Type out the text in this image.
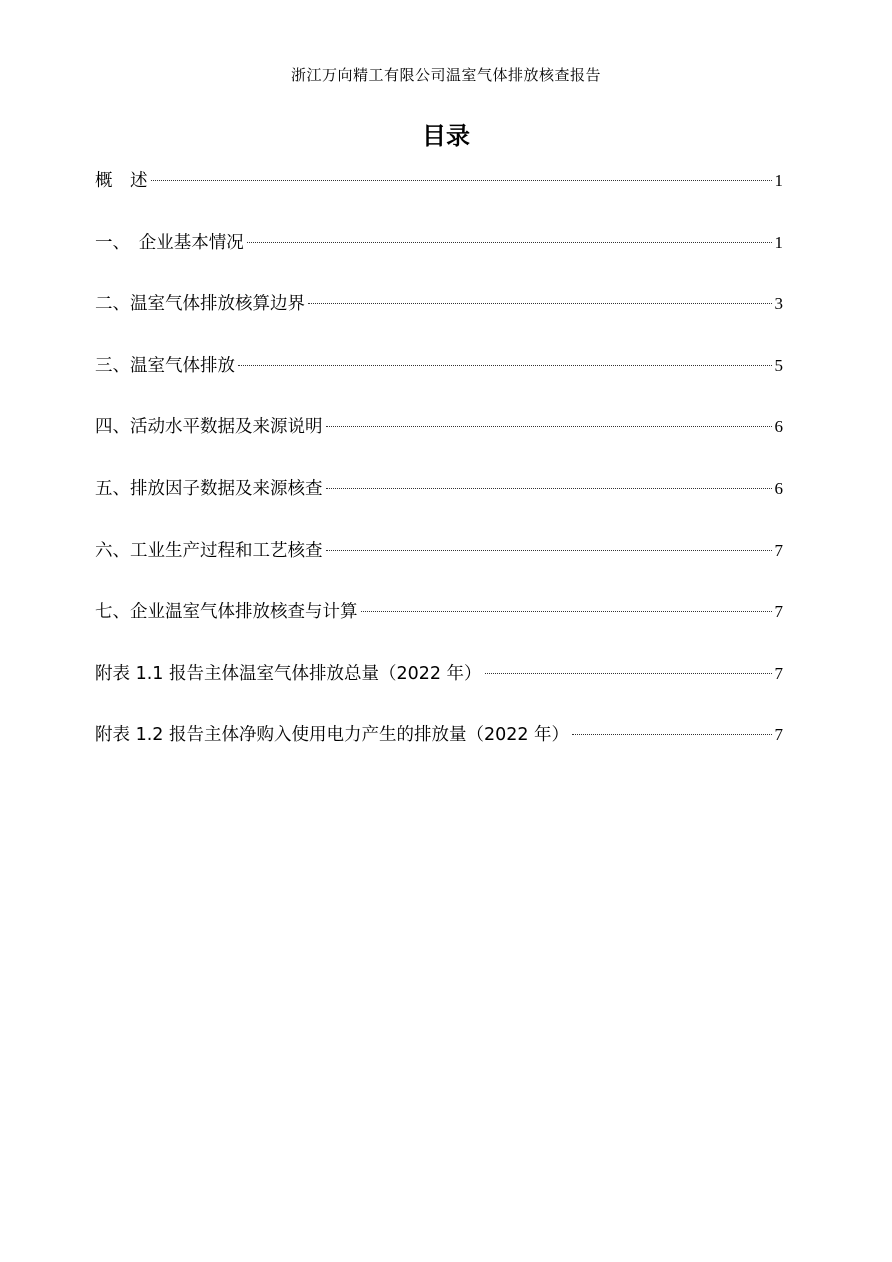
浙江万向精工有限公司温室气体排放核查报告
目录
概　述	1
一、　企业基本情况	1
二、温室气体排放核算边界	3
三、温室气体排放	5
四、活动水平数据及来源说明	6
五、排放因子数据及来源核查	6
六、工业生产过程和工艺核查	7
七、企业温室气体排放核查与计算	7
附表 1.1 报告主体温室气体排放总量（2022 年）	7
附表 1.2 报告主体净购入使用电力产生的排放量（2022 年）	7
